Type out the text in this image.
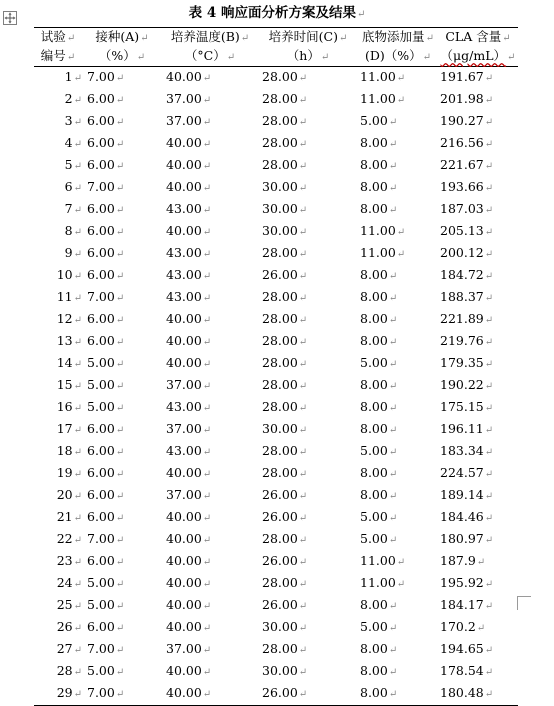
表 4 响应面分析方案及结果↵
试验↵	接种(A)↵	培养温度(B)↵	培养时间(C)↵	底物添加量↵	CLA 含量↵
编号↵	（%）↵	（°C）↵	（h）↵	(D)（%）↵	（μg/mL）↵
1↵	7.00↵	40.00↵	28.00↵	11.00↵	191.67↵
2↵	6.00↵	37.00↵	28.00↵	11.00↵	201.98↵
3↵	6.00↵	37.00↵	28.00↵	5.00↵	190.27↵
4↵	6.00↵	40.00↵	28.00↵	8.00↵	216.56↵
5↵	6.00↵	40.00↵	28.00↵	8.00↵	221.67↵
6↵	7.00↵	40.00↵	30.00↵	8.00↵	193.66↵
7↵	6.00↵	43.00↵	30.00↵	8.00↵	187.03↵
8↵	6.00↵	40.00↵	30.00↵	11.00↵	205.13↵
9↵	6.00↵	43.00↵	28.00↵	11.00↵	200.12↵
10↵	6.00↵	43.00↵	26.00↵	8.00↵	184.72↵
11↵	7.00↵	43.00↵	28.00↵	8.00↵	188.37↵
12↵	6.00↵	40.00↵	28.00↵	8.00↵	221.89↵
13↵	6.00↵	40.00↵	28.00↵	8.00↵	219.76↵
14↵	5.00↵	40.00↵	28.00↵	5.00↵	179.35↵
15↵	5.00↵	37.00↵	28.00↵	8.00↵	190.22↵
16↵	5.00↵	43.00↵	28.00↵	8.00↵	175.15↵
17↵	6.00↵	37.00↵	30.00↵	8.00↵	196.11↵
18↵	6.00↵	43.00↵	28.00↵	5.00↵	183.34↵
19↵	6.00↵	40.00↵	28.00↵	8.00↵	224.57↵
20↵	6.00↵	37.00↵	26.00↵	8.00↵	189.14↵
21↵	6.00↵	40.00↵	26.00↵	5.00↵	184.46↵
22↵	7.00↵	40.00↵	28.00↵	5.00↵	180.97↵
23↵	6.00↵	40.00↵	26.00↵	11.00↵	187.9↵
24↵	5.00↵	40.00↵	28.00↵	11.00↵	195.92↵
25↵	5.00↵	40.00↵	26.00↵	8.00↵	184.17↵
26↵	6.00↵	40.00↵	30.00↵	5.00↵	170.2↵
27↵	7.00↵	37.00↵	28.00↵	8.00↵	194.65↵
28↵	5.00↵	40.00↵	30.00↵	8.00↵	178.54↵
29↵	7.00↵	40.00↵	26.00↵	8.00↵	180.48↵
